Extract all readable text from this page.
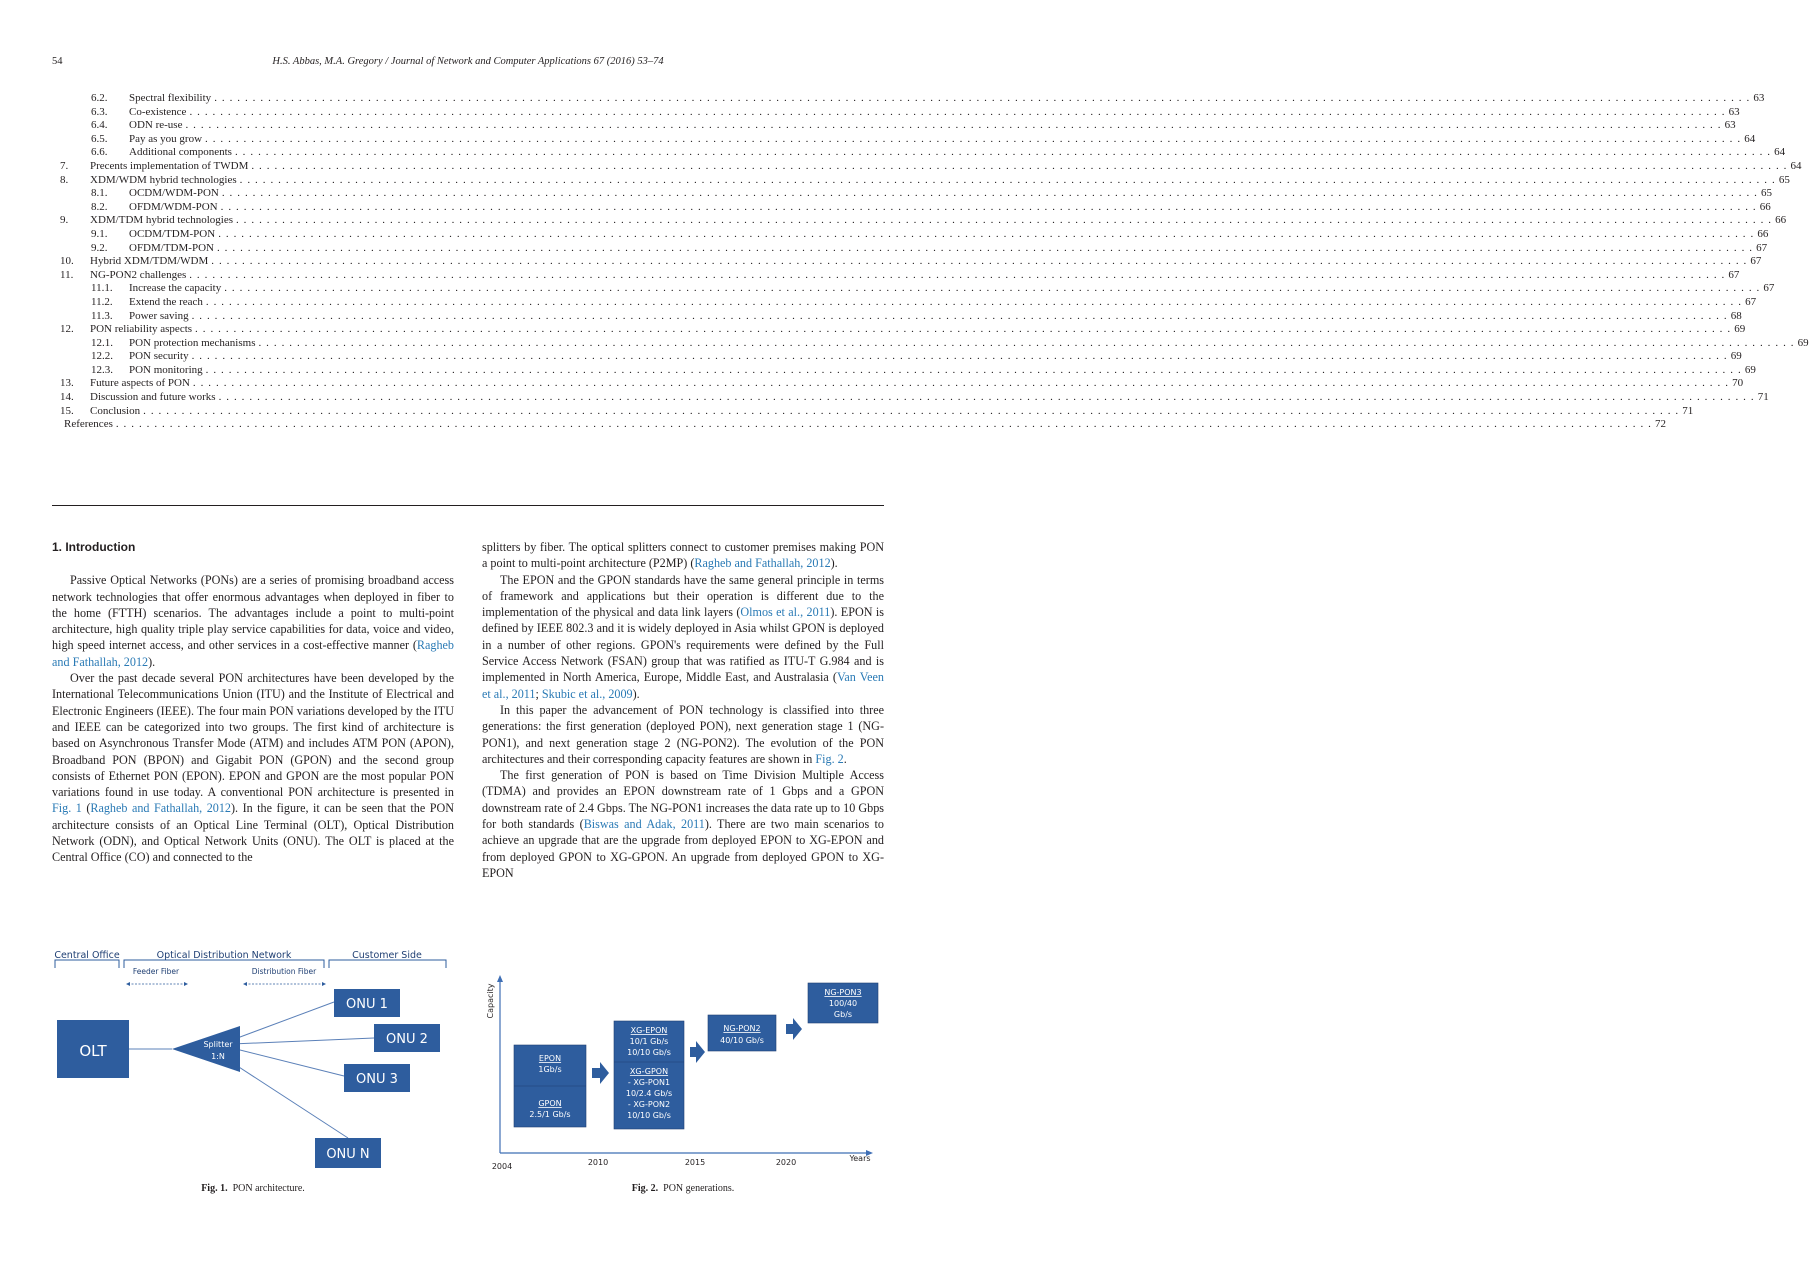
54	H.S. Abbas, M.A. Gregory / Journal of Network and Computer Applications 67 (2016) 53–74
6.2.	Spectral flexibility . . . . . . . . . . . . . . . . . . . . . . . . . . . . . . . . . . . . . . . . . . . . . . . . . . . . . . . . . . . . . . . . . . . . . . . . . . . . . . . . . . . . . . . . . . . . . . . . . . . . . . . . . . . . . . . . . . . . . . . . . . . . . . . . . . . . . . . . . . . . . . . . . . . . . . . . . . . . . . . . . . . . . . . . . . . . . . . . . . . . . . . . . . . . . . . . . . . . . . . . 63
6.3.	Co-existence . . . . . . . . . . . . . . . . . . . . . . . . . . . . . . . . . . . . . . . . . . . . . . . . . . . . . . . . . . . . . . . . . . . . . . . . . . . . . . . . . . . . . . . . . . . . . . . . . . . . . . . . . . . . . . . . . . . . . . . . . . . . . . . . . . . . . . . . . . . . . . . . . . . . . . . . . . . . . . . . . . . . . . . . . . . . . . . . . . . . . . . . . . . . . . . . . . . . . . . . 63
6.4.	ODN re-use . . . . . . . . . . . . . . . . . . . . . . . . . . . . . . . . . . . . . . . . . . . . . . . . . . . . . . . . . . . . . . . . . . . . . . . . . . . . . . . . . . . . . . . . . . . . . . . . . . . . . . . . . . . . . . . . . . . . . . . . . . . . . . . . . . . . . . . . . . . . . . . . . . . . . . . . . . . . . . . . . . . . . . . . . . . . . . . . . . . . . . . . . . . . . . . . . . . . . . . . 63
6.5.	Pay as you grow . . . . . . . . . . . . . . . . . . . . . . . . . . . . . . . . . . . . . . . . . . . . . . . . . . . . . . . . . . . . . . . . . . . . . . . . . . . . . . . . . . . . . . . . . . . . . . . . . . . . . . . . . . . . . . . . . . . . . . . . . . . . . . . . . . . . . . . . . . . . . . . . . . . . . . . . . . . . . . . . . . . . . . . . . . . . . . . . . . . . . . . . . . . . . . . . . . . . . . . . 64
6.6.	Additional components . . . . . . . . . . . . . . . . . . . . . . . . . . . . . . . . . . . . . . . . . . . . . . . . . . . . . . . . . . . . . . . . . . . . . . . . . . . . . . . . . . . . . . . . . . . . . . . . . . . . . . . . . . . . . . . . . . . . . . . . . . . . . . . . . . . . . . . . . . . . . . . . . . . . . . . . . . . . . . . . . . . . . . . . . . . . . . . . . . . . . . . . . . . . . . . . . . . . . . . . 64
7.	Precents implementation of TWDM . . . . . . . . . . . . . . . . . . . . . . . . . . . . . . . . . . . . . . . . . . . . . . . . . . . . . . . . . . . . . . . . . . . . . . . . . . . . . . . . . . . . . . . . . . . . . . . . . . . . . . . . . . . . . . . . . . . . . . . . . . . . . . . . . . . . . . . . . . . . . . . . . . . . . . . . . . . . . . . . . . . . . . . . . . . . . . . . . . . . . . . . . . . . . . . . . . . . . . . . 64
8.	XDM/WDM hybrid technologies . . . . . . . . . . . . . . . . . . . . . . . . . . . . . . . . . . . . . . . . . . . . . . . . . . . . . . . . . . . . . . . . . . . . . . . . . . . . . . . . . . . . . . . . . . . . . . . . . . . . . . . . . . . . . . . . . . . . . . . . . . . . . . . . . . . . . . . . . . . . . . . . . . . . . . . . . . . . . . . . . . . . . . . . . . . . . . . . . . . . . . . . . . . . . . . . . . . . . . . . 65
8.1.	OCDM/WDM-PON . . . . . . . . . . . . . . . . . . . . . . . . . . . . . . . . . . . . . . . . . . . . . . . . . . . . . . . . . . . . . . . . . . . . . . . . . . . . . . . . . . . . . . . . . . . . . . . . . . . . . . . . . . . . . . . . . . . . . . . . . . . . . . . . . . . . . . . . . . . . . . . . . . . . . . . . . . . . . . . . . . . . . . . . . . . . . . . . . . . . . . . . . . . . . . . . . . . . . . . . 65
8.2.	OFDM/WDM-PON . . . . . . . . . . . . . . . . . . . . . . . . . . . . . . . . . . . . . . . . . . . . . . . . . . . . . . . . . . . . . . . . . . . . . . . . . . . . . . . . . . . . . . . . . . . . . . . . . . . . . . . . . . . . . . . . . . . . . . . . . . . . . . . . . . . . . . . . . . . . . . . . . . . . . . . . . . . . . . . . . . . . . . . . . . . . . . . . . . . . . . . . . . . . . . . . . . . . . . . . 66
9.	XDM/TDM hybrid technologies . . . . . . . . . . . . . . . . . . . . . . . . . . . . . . . . . . . . . . . . . . . . . . . . . . . . . . . . . . . . . . . . . . . . . . . . . . . . . . . . . . . . . . . . . . . . . . . . . . . . . . . . . . . . . . . . . . . . . . . . . . . . . . . . . . . . . . . . . . . . . . . . . . . . . . . . . . . . . . . . . . . . . . . . . . . . . . . . . . . . . . . . . . . . . . . . . . . . . . . . 66
9.1.	OCDM/TDM-PON . . . . . . . . . . . . . . . . . . . . . . . . . . . . . . . . . . . . . . . . . . . . . . . . . . . . . . . . . . . . . . . . . . . . . . . . . . . . . . . . . . . . . . . . . . . . . . . . . . . . . . . . . . . . . . . . . . . . . . . . . . . . . . . . . . . . . . . . . . . . . . . . . . . . . . . . . . . . . . . . . . . . . . . . . . . . . . . . . . . . . . . . . . . . . . . . . . . . . . . . 66
9.2.	OFDM/TDM-PON . . . . . . . . . . . . . . . . . . . . . . . . . . . . . . . . . . . . . . . . . . . . . . . . . . . . . . . . . . . . . . . . . . . . . . . . . . . . . . . . . . . . . . . . . . . . . . . . . . . . . . . . . . . . . . . . . . . . . . . . . . . . . . . . . . . . . . . . . . . . . . . . . . . . . . . . . . . . . . . . . . . . . . . . . . . . . . . . . . . . . . . . . . . . . . . . . . . . . . . . 67
10.	Hybrid XDM/TDM/WDM . . . . . . . . . . . . . . . . . . . . . . . . . . . . . . . . . . . . . . . . . . . . . . . . . . . . . . . . . . . . . . . . . . . . . . . . . . . . . . . . . . . . . . . . . . . . . . . . . . . . . . . . . . . . . . . . . . . . . . . . . . . . . . . . . . . . . . . . . . . . . . . . . . . . . . . . . . . . . . . . . . . . . . . . . . . . . . . . . . . . . . . . . . . . . . . . . . . . . . . . 67
11.	NG-PON2 challenges . . . . . . . . . . . . . . . . . . . . . . . . . . . . . . . . . . . . . . . . . . . . . . . . . . . . . . . . . . . . . . . . . . . . . . . . . . . . . . . . . . . . . . . . . . . . . . . . . . . . . . . . . . . . . . . . . . . . . . . . . . . . . . . . . . . . . . . . . . . . . . . . . . . . . . . . . . . . . . . . . . . . . . . . . . . . . . . . . . . . . . . . . . . . . . . . . . . . . . . . 67
11.1.	Increase the capacity . . . . . . . . . . . . . . . . . . . . . . . . . . . . . . . . . . . . . . . . . . . . . . . . . . . . . . . . . . . . . . . . . . . . . . . . . . . . . . . . . . . . . . . . . . . . . . . . . . . . . . . . . . . . . . . . . . . . . . . . . . . . . . . . . . . . . . . . . . . . . . . . . . . . . . . . . . . . . . . . . . . . . . . . . . . . . . . . . . . . . . . . . . . . . . . . . . . . . . . . 67
11.2.	Extend the reach . . . . . . . . . . . . . . . . . . . . . . . . . . . . . . . . . . . . . . . . . . . . . . . . . . . . . . . . . . . . . . . . . . . . . . . . . . . . . . . . . . . . . . . . . . . . . . . . . . . . . . . . . . . . . . . . . . . . . . . . . . . . . . . . . . . . . . . . . . . . . . . . . . . . . . . . . . . . . . . . . . . . . . . . . . . . . . . . . . . . . . . . . . . . . . . . . . . . . . . . 67
11.3.	Power saving . . . . . . . . . . . . . . . . . . . . . . . . . . . . . . . . . . . . . . . . . . . . . . . . . . . . . . . . . . . . . . . . . . . . . . . . . . . . . . . . . . . . . . . . . . . . . . . . . . . . . . . . . . . . . . . . . . . . . . . . . . . . . . . . . . . . . . . . . . . . . . . . . . . . . . . . . . . . . . . . . . . . . . . . . . . . . . . . . . . . . . . . . . . . . . . . . . . . . . . . 68
12.	PON reliability aspects . . . . . . . . . . . . . . . . . . . . . . . . . . . . . . . . . . . . . . . . . . . . . . . . . . . . . . . . . . . . . . . . . . . . . . . . . . . . . . . . . . . . . . . . . . . . . . . . . . . . . . . . . . . . . . . . . . . . . . . . . . . . . . . . . . . . . . . . . . . . . . . . . . . . . . . . . . . . . . . . . . . . . . . . . . . . . . . . . . . . . . . . . . . . . . . . . . . . . . . . 69
12.1.	PON protection mechanisms . . . . . . . . . . . . . . . . . . . . . . . . . . . . . . . . . . . . . . . . . . . . . . . . . . . . . . . . . . . . . . . . . . . . . . . . . . . . . . . . . . . . . . . . . . . . . . . . . . . . . . . . . . . . . . . . . . . . . . . . . . . . . . . . . . . . . . . . . . . . . . . . . . . . . . . . . . . . . . . . . . . . . . . . . . . . . . . . . . . . . . . . . . . . . . . . . . . . . . . . 69
12.2.	PON security . . . . . . . . . . . . . . . . . . . . . . . . . . . . . . . . . . . . . . . . . . . . . . . . . . . . . . . . . . . . . . . . . . . . . . . . . . . . . . . . . . . . . . . . . . . . . . . . . . . . . . . . . . . . . . . . . . . . . . . . . . . . . . . . . . . . . . . . . . . . . . . . . . . . . . . . . . . . . . . . . . . . . . . . . . . . . . . . . . . . . . . . . . . . . . . . . . . . . . . . 69
12.3.	PON monitoring . . . . . . . . . . . . . . . . . . . . . . . . . . . . . . . . . . . . . . . . . . . . . . . . . . . . . . . . . . . . . . . . . . . . . . . . . . . . . . . . . . . . . . . . . . . . . . . . . . . . . . . . . . . . . . . . . . . . . . . . . . . . . . . . . . . . . . . . . . . . . . . . . . . . . . . . . . . . . . . . . . . . . . . . . . . . . . . . . . . . . . . . . . . . . . . . . . . . . . . . 69
13.	Future aspects of PON . . . . . . . . . . . . . . . . . . . . . . . . . . . . . . . . . . . . . . . . . . . . . . . . . . . . . . . . . . . . . . . . . . . . . . . . . . . . . . . . . . . . . . . . . . . . . . . . . . . . . . . . . . . . . . . . . . . . . . . . . . . . . . . . . . . . . . . . . . . . . . . . . . . . . . . . . . . . . . . . . . . . . . . . . . . . . . . . . . . . . . . . . . . . . . . . . . . . . . . . 70
14.	Discussion and future works . . . . . . . . . . . . . . . . . . . . . . . . . . . . . . . . . . . . . . . . . . . . . . . . . . . . . . . . . . . . . . . . . . . . . . . . . . . . . . . . . . . . . . . . . . . . . . . . . . . . . . . . . . . . . . . . . . . . . . . . . . . . . . . . . . . . . . . . . . . . . . . . . . . . . . . . . . . . . . . . . . . . . . . . . . . . . . . . . . . . . . . . . . . . . . . . . . . . . . . . 71
15.	Conclusion . . . . . . . . . . . . . . . . . . . . . . . . . . . . . . . . . . . . . . . . . . . . . . . . . . . . . . . . . . . . . . . . . . . . . . . . . . . . . . . . . . . . . . . . . . . . . . . . . . . . . . . . . . . . . . . . . . . . . . . . . . . . . . . . . . . . . . . . . . . . . . . . . . . . . . . . . . . . . . . . . . . . . . . . . . . . . . . . . . . . . . . . . . . . . . . . . . . . . . . . 71
References . . . . . . . . . . . . . . . . . . . . . . . . . . . . . . . . . . . . . . . . . . . . . . . . . . . . . . . . . . . . . . . . . . . . . . . . . . . . . . . . . . . . . . . . . . . . . . . . . . . . . . . . . . . . . . . . . . . . . . . . . . . . . . . . . . . . . . . . . . . . . . . . . . . . . . . . . . . . . . . . . . . . . . . . . . . . . . . . . . . . . . . . . . . . . . . . . . . . . . . . 72
1. Introduction

Passive Optical Networks (PONs) are a series of promising broadband access network technologies that offer enormous advantages when deployed in fiber to the home (FTTH) scenarios. The advantages include a point to multi-point architecture, high quality triple play service capabilities for data, voice and video, high speed internet access, and other services in a cost-effective manner (Ragheb and Fathallah, 2012).

Over the past decade several PON architectures have been developed by the International Telecommunications Union (ITU) and the Institute of Electrical and Electronic Engineers (IEEE). The four main PON variations developed by the ITU and IEEE can be categorized into two groups. The first kind of architecture is based on Asynchronous Transfer Mode (ATM) and includes ATM PON (APON), Broadband PON (BPON) and Gigabit PON (GPON) and the second group consists of Ethernet PON (EPON). EPON and GPON are the most popular PON variations found in use today. A conventional PON architecture is presented in Fig. 1 (Ragheb and Fathallah, 2012). In the figure, it can be seen that the PON architecture consists of an Optical Line Terminal (OLT), Optical Distribution Network (ODN), and Optical Network Units (ONU). The OLT is placed at the Central Office (CO) and connected to the

splitters by fiber. The optical splitters connect to customer premises making PON a point to multi-point architecture (P2MP) (Ragheb and Fathallah, 2012).

The EPON and the GPON standards have the same general principle in terms of framework and applications but their operation is different due to the implementation of the physical and data link layers (Olmos et al., 2011). EPON is defined by IEEE 802.3 and it is widely deployed in Asia whilst GPON is deployed in a number of other regions. GPON's requirements were defined by the Full Service Access Network (FSAN) group that was ratified as ITU-T G.984 and is implemented in North America, Europe, Middle East, and Australasia (Van Veen et al., 2011; Skubic et al., 2009).

In this paper the advancement of PON technology is classified into three generations: the first generation (deployed PON), next generation stage 1 (NG-PON1), and next generation stage 2 (NG-PON2). The evolution of the PON architectures and their corresponding capacity features are shown in Fig. 2.

The first generation of PON is based on Time Division Multiple Access (TDMA) and provides an EPON downstream rate of 1 Gbps and a GPON downstream rate of 2.4 Gbps. The NG-PON1 increases the data rate up to 10 Gbps for both standards (Biswas and Adak, 2011). There are two main scenarios to achieve an upgrade that are the upgrade from deployed EPON to XG-EPON and from deployed GPON to XG-GPON. An upgrade from deployed GPON to XG-EPON

Central Office	Optical Distribution Network	Customer Side
Feeder Fiber	Distribution Fiber
OLT	Splitter
1:N
ONU 1
ONU 2
ONU 3
ONU N
Fig. 1. PON architecture.
Capacity
Years
2004	2010	2015	2020
EPON
1Gb/s
GPON
2.5/1 Gb/s
XG-EPON
10/1 Gb/s
10/10 Gb/s
XG-GPON
- XG-PON1
10/2.4 Gb/s
- XG-PON2
10/10 Gb/s
NG-PON2
40/10 Gb/s
NG-PON3
100/40
Gb/s
Fig. 2. PON generations.
